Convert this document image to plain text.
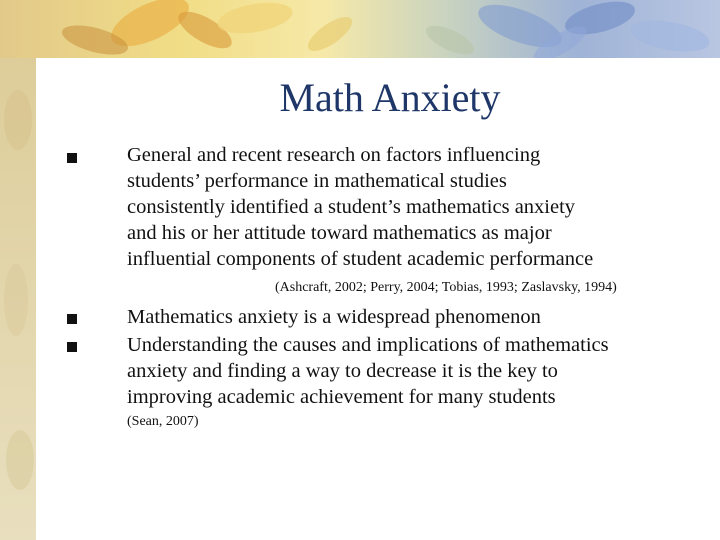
Math Anxiety
General and recent research on factors influencing
students’ performance in mathematical studies
consistently identified a student’s mathematics anxiety
and his or her attitude toward mathematics as major
influential components of student academic performance
(Ashcraft, 2002; Perry, 2004; Tobias, 1993; Zaslavsky, 1994)
Mathematics anxiety is a widespread phenomenon
Understanding the causes and implications of mathematics
anxiety and finding a way to decrease it is the key to
improving academic achievement for many students
(Sean, 2007)
